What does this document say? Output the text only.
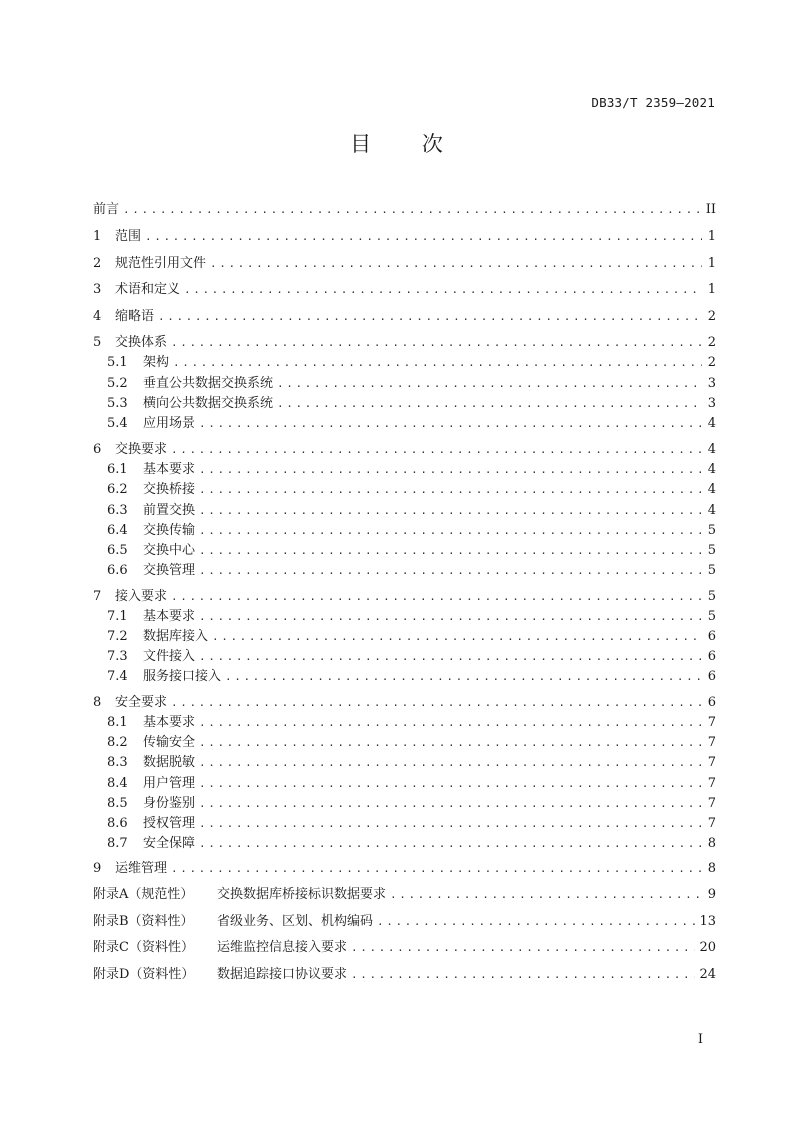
DB33/T 2359—2021
目 次
前言 .....	II
1	范围 .....	1
2	规范性引用文件 .....	1
3	术语和定义 .....	1
4	缩略语 .....	2
5	交换体系 .....	2
5.1	架构 .....	2
5.2	垂直公共数据交换系统 .....	3
5.3	横向公共数据交换系统 .....	3
5.4	应用场景 .....	4
6	交换要求 .....	4
6.1	基本要求 .....	4
6.2	交换桥接 .....	4
6.3	前置交换 .....	4
6.4	交换传输 .....	5
6.5	交换中心 .....	5
6.6	交换管理 .....	5
7	接入要求 .....	5
7.1	基本要求 .....	5
7.2	数据库接入 .....	6
7.3	文件接入 .....	6
7.4	服务接口接入 .....	6
8	安全要求 .....	6
8.1	基本要求 .....	7
8.2	传输安全 .....	7
8.3	数据脱敏 .....	7
8.4	用户管理 .....	7
8.5	身份鉴别 .....	7
8.6	授权管理 .....	7
8.7	安全保障 .....	8
9	运维管理 .....	8
附录A（规范性）	交换数据库桥接标识数据要求 .....	9
附录B（资料性）	省级业务、区划、机构编码 .....	13
附录C（资料性）	运维监控信息接入要求 .....	20
附录D（资料性）	数据追踪接口协议要求 .....	24
I
